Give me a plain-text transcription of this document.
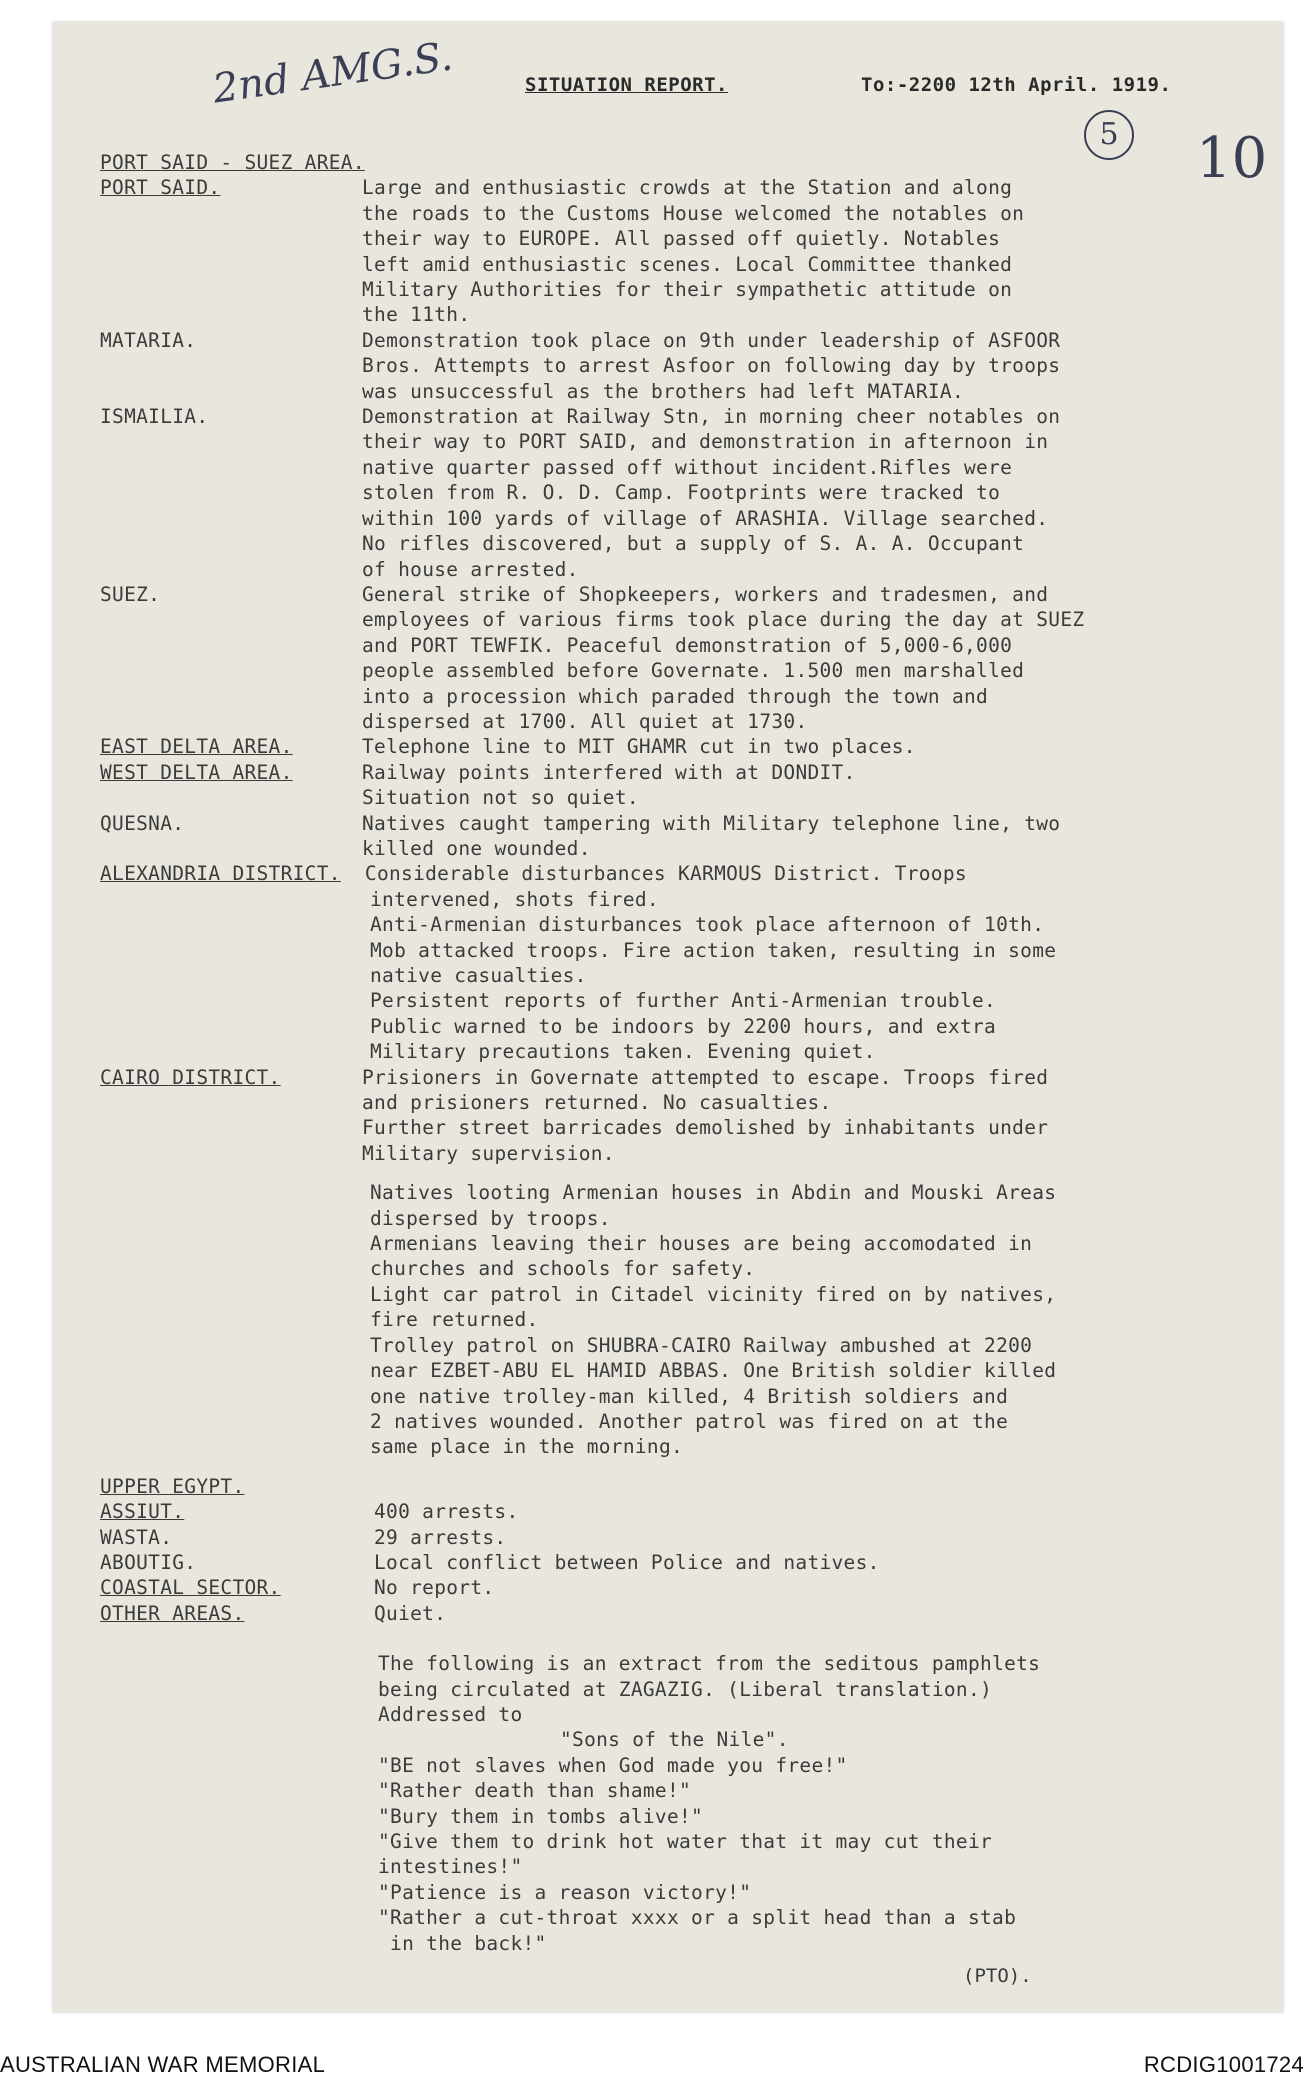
2nd AMG.S.
5 10
SITUATION REPORT.	To:-2200 12th April. 1919.
PORT SAID - SUEZ AREA.
PORT SAID.	Large and enthusiastic crowds at the Station and along
the roads to the Customs House welcomed the notables on
their way to EUROPE. All passed off quietly. Notables
left amid enthusiastic scenes. Local Committee thanked
Military Authorities for their sympathetic attitude on
the 11th.
MATARIA.	Demonstration took place on 9th under leadership of ASFOOR
Bros. Attempts to arrest Asfoor on following day by troops
was unsuccessful as the brothers had left MATARIA.
ISMAILIA.	Demonstration at Railway Stn, in morning cheer notables on
their way to PORT SAID, and demonstration in afternoon in
native quarter passed off without incident.Rifles were
stolen from R. O. D. Camp. Footprints were tracked to
within 100 yards of village of ARASHIA. Village searched.
No rifles discovered, but a supply of S. A. A. Occupant
of house arrested.
SUEZ.	General strike of Shopkeepers, workers and tradesmen, and
employees of various firms took place during the day at SUEZ
and PORT TEWFIK. Peaceful demonstration of 5,000-6,000
people assembled before Governate. 1.500 men marshalled
into a procession which paraded through the town and
dispersed at 1700. All quiet at 1730.
EAST DELTA AREA.	Telephone line to MIT GHAMR cut in two places.
WEST DELTA AREA.	Railway points interfered with at DONDIT.
Situation not so quiet.
QUESNA.	Natives caught tampering with Military telephone line, two
killed one wounded.
ALEXANDRIA DISTRICT. Considerable disturbances KARMOUS District. Troops
intervened, shots fired.
Anti-Armenian disturbances took place afternoon of 10th.
Mob attacked troops. Fire action taken, resulting in some
native casualties.
Persistent reports of further Anti-Armenian trouble.
Public warned to be indoors by 2200 hours, and extra
Military precautions taken. Evening quiet.
CAIRO DISTRICT.	Prisioners in Governate attempted to escape. Troops fired
and prisioners returned. No casualties.
Further street barricades demolished by inhabitants under
Military supervision.
Natives looting Armenian houses in Abdin and Mouski Areas
dispersed by troops.
Armenians leaving their houses are being accomodated in
churches and schools for safety.
Light car patrol in Citadel vicinity fired on by natives,
fire returned.
Trolley patrol on SHUBRA-CAIRO Railway ambushed at 2200
near EZBET-ABU EL HAMID ABBAS. One British soldier killed
one native trolley-man killed, 4 British soldiers and
2 natives wounded. Another patrol was fired on at the
same place in the morning.
UPPER EGYPT.
ASSIUT.	400 arrests.
WASTA.	29 arrests.
ABOUTIG.	Local conflict between Police and natives.
COASTAL SECTOR.	No report.
OTHER AREAS.	Quiet.
The following is an extract from the seditous pamphlets
being circulated at ZAGAZIG. (Liberal translation.)
Addressed to
"Sons of the Nile".
"BE not slaves when God made you free!"
"Rather death than shame!"
"Bury them in tombs alive!"
"Give them to drink hot water that it may cut their
intestines!"
"Patience is a reason victory!"
"Rather a cut-throat xxxx or a split head than a stab
in the back!"
(PTO).
AUSTRALIAN WAR MEMORIAL	RCDIG1001724
